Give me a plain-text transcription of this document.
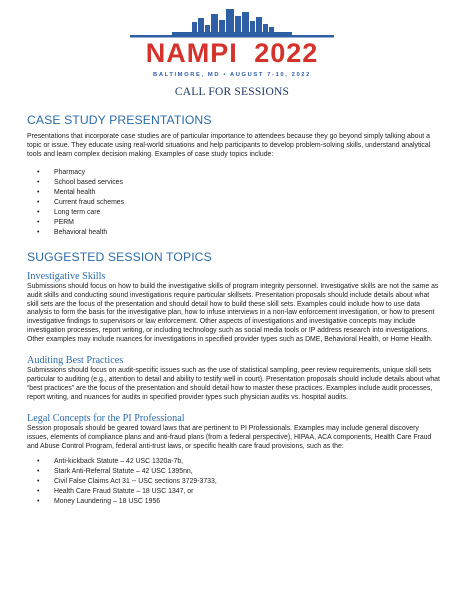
NAMPI 2022
BALTIMORE, MD • AUGUST 7-10, 2022
CALL FOR SESSIONS
CASE STUDY PRESENTATIONS

Presentations that incorporate case studies are of particular importance to attendees because they go beyond simply talking about a topic or issue. They educate using real-world situations and help participants to develop problem-solving skills, understand analytical tools and learn complex decision making. Examples of case study topics include:

• Pharmacy
• School based services
• Mental health
• Current fraud schemes
• Long term care
• PERM
• Behavioral health
SUGGESTED SESSION TOPICS
Investigative Skills

Submissions should focus on how to build the investigative skills of program integrity personnel. Investigative skills are not the same as audit skills and conducting sound investigations require particular skillsets. Presentation proposals should include details about what skill sets are the focus of the presentation and should detail how to build these skill sets. Examples could include how to use data analysis to form the basis for the investigative plan, how to infuse interviews in a non-law enforcement investigation, or how to present investigative findings to supervisors or law enforcement. Other aspects of investigations and investigative concepts may include investigation processes, report writing, or including technology such as social media tools or IP address research into investigations. Other examples may include nuances for investigations in specified provider types such as DME, Behavioral Health, or Home Health.

Auditing Best Practices

Submissions should focus on audit-specific issues such as the use of statistical sampling, peer review requirements, unique skill sets particular to auditing (e.g., attention to detail and ability to testify well in court). Presentation proposals should include details about what “best practices” are the focus of the presentation and should detail how to master these practices. Examples include audit processes, report writing, and nuances for audits in specified provider types such physician audits vs. hospital audits.

Legal Concepts for the PI Professional

Session proposals should be geared toward laws that are pertinent to PI Professionals. Examples may include general discovery issues, elements of compliance plans and anti-fraud plans (from a federal perspective), HIPAA, ACA components, Health Care Fraud and Abuse Control Program, federal anti-trust laws, or specific health care fraud provisions, such as the:

• Anti-kickback Statute – 42 USC 1320a-7b,
• Stark Anti-Referral Statute – 42 USC 1395nn,
• Civil False Claims Act 31 -- USC sections 3729-3733,
• Health Care Fraud Statute – 18 USC 1347, or
• Money Laundering – 18 USC 1956
